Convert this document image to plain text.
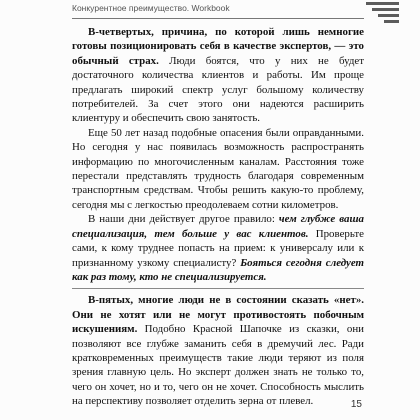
Конкурентное преимущество. Workbook

В-четвертых, причина, по которой лишь немногие готовы позиционировать себя в качестве экспертов, — это обычный страх. Люди боятся, что у них не будет достаточного количества клиентов и работы. Им проще предлагать широкий спектр услуг большому количеству потребителей. За счет этого они надеются расширить клиентуру и обеспечить свою занятость.

Еще 50 лет назад подобные опасения были оправданными. Но сегодня у нас появилась возможность распространять информацию по многочисленным каналам. Расстояния тоже перестали представлять трудность благодаря современным транспортным средствам. Чтобы решить какую-то проблему, сегодня мы с легкостью преодолеваем сотни километров.

В наши дни действует другое правило: чем глубже ваша специализация, тем больше у вас клиентов. Проверьте сами, к кому труднее попасть на прием: к универсалу или к признанному узкому специалисту? Бояться сегодня следует как раз тому, кто не специализируется.

В-пятых, многие люди не в состоянии сказать «нет». Они не хотят или не могут противостоять побочным искушениям. Подобно Красной Шапочке из сказки, они позволяют все глубже заманить себя в дремучий лес. Ради кратковременных преимуществ такие люди теряют из поля зрения главную цель. Но эксперт должен знать не только то, чего он хочет, но и то, чего он не хочет. Способность мыслить на перспективу позволяет отделить зерна от плевел.	15
